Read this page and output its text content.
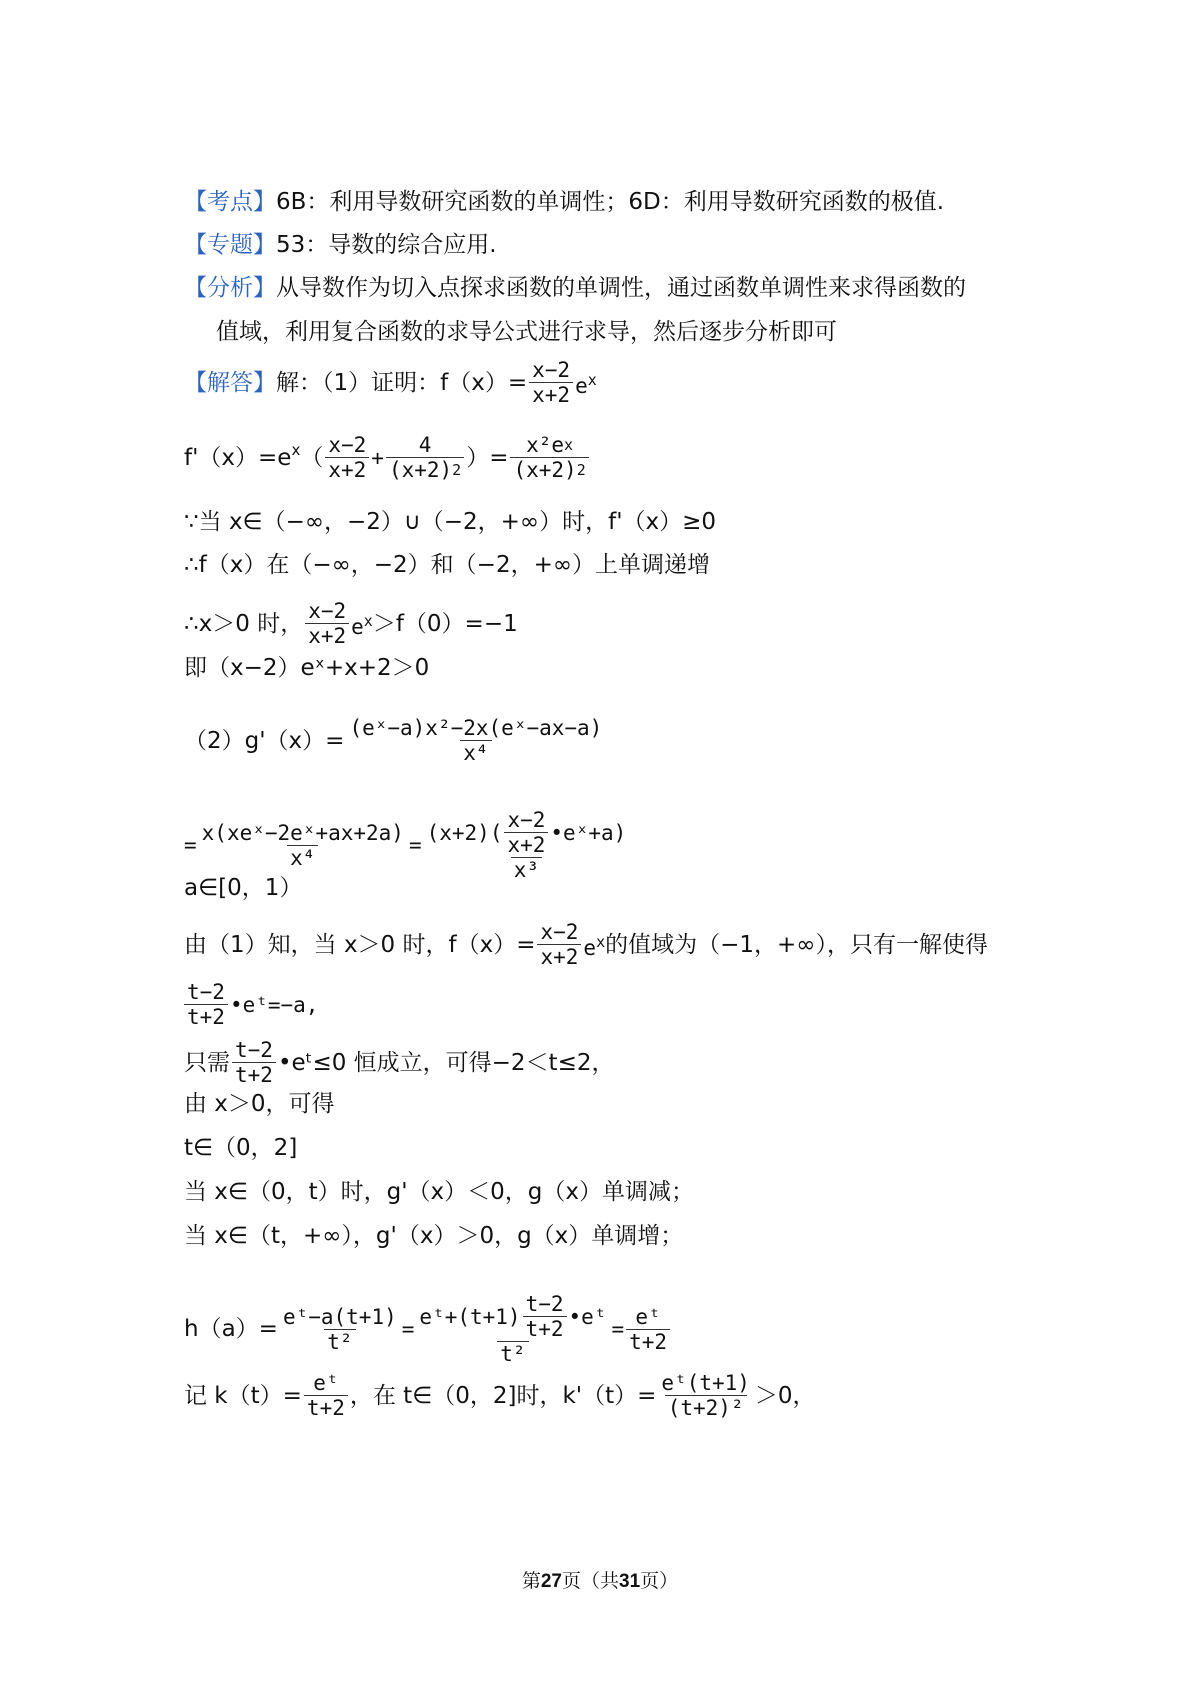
【考点】 6B：利用导数研究函数的单调性；6D：利用导数研究函数的极值.
【专题】 53：导数的综合应用.
【分析】 从导数作为切入点探求函数的单调性，通过函数单调性来求得函数的
值域，利用复合函数的求导公式进行求导，然后逐步分析即可
【解答】 解：（1）证明：$f(x)= \frac{x-2}{x+2} e^x$
$f'(x)=e^x$ （ $\frac{x-2}{x+2} + \frac{4}{(x+2) 2}$ ）= $\frac{\text{x²e x}}{(x+2) 2}$
∵当 x∈（−∞，−2）∪（−2，+∞）时，f'（x）≥0
∴f（x）在（−∞，−2）和（−2，+∞）上单调递增
∴x＞0 时， $\frac{x-2}{x+2} e^x >f(0)=-1$
即（x−2）eˣ+x+2＞0
$(2)g'(x)= \frac{\text{(eˣ−a)x²−2x(eˣ−ax−a)}}{\text{x⁴}}$
= $\frac{\text{x(xeˣ−2eˣ+ax+2a)}}{\text{x⁴}} = \frac{(x+2)( \frac{x-2}{x+2} •eˣ+a)}{\text{x³}}$
a∈[0，1）
由（1）知，当 x＞0 时，$f(x)= \frac{x-2}{x+2} e^x$ 的值域为（−1，+∞），只有一解使得
$\frac{t-2}{t+2}$ •eᵗ=−a,
只需 $\frac{t-2}{t+2}$ •eᵗ≤0 恒成立，可得−2＜t≤2，
由 x＞0，可得
t∈（0，2]
当 x∈（0，t）时，g'（x）＜0，g（x）单调减；
当 x∈（t，+∞），g'（x）＞0，g（x）单调增；
$h(a)= \frac{\text{eᵗ−a(t+1)}}{\text{t²}} = \frac{eᵗ+(t+1) \frac{t-2}{t+2} •eᵗ}{\text{t²}} = \frac{\text{eᵗ}}{t+2}$
记 $k(t)= \frac{\text{eᵗ}}{t+2}$ ，在 t∈（0，2]时，$k'(t)= \frac{\text{eᵗ(t+1)}}{\text{(t+2)²}} >0$，
第27页（共31页）
